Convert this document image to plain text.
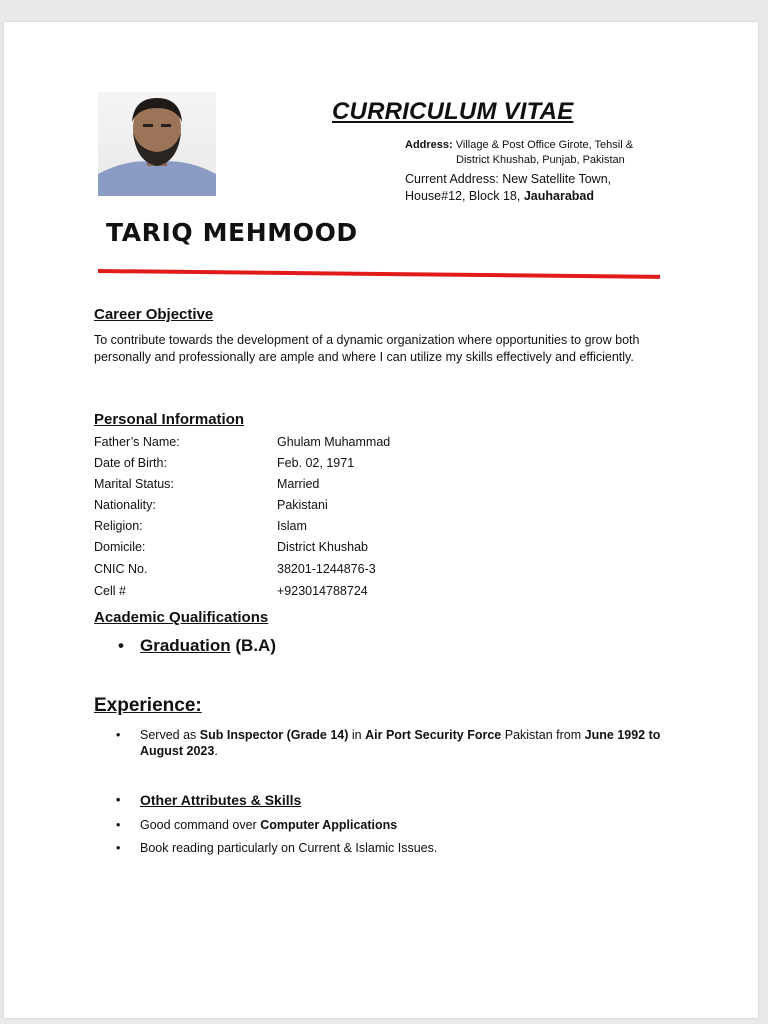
CURRICULUM VITAE
Address: Village & Post Office Girote, Tehsil &
District Khushab, Punjab, Pakistan
Current Address: New Satellite Town,
House#12, Block 18, Jauharabad
TARIQ MEHMOOD
Career Objective
To contribute towards the development of a dynamic organization where opportunities to grow both personally and professionally are ample and where I can utilize my skills effectively and efficiently.
Personal Information
Father’s Name:	Ghulam Muhammad
Date of Birth:	Feb. 02, 1971
Marital Status:	Married
Nationality:	Pakistani
Religion:	Islam
Domicile:	District Khushab
CNIC No.	38201-1244876-3
Cell #	+923014788724
Academic Qualifications
• Graduation (B.A)
Experience:
• Served as Sub Inspector (Grade 14) in Air Port Security Force Pakistan from June 1992 to August 2023.
• Other Attributes & Skills
• Good command over Computer Applications
• Book reading particularly on Current & Islamic Issues.
